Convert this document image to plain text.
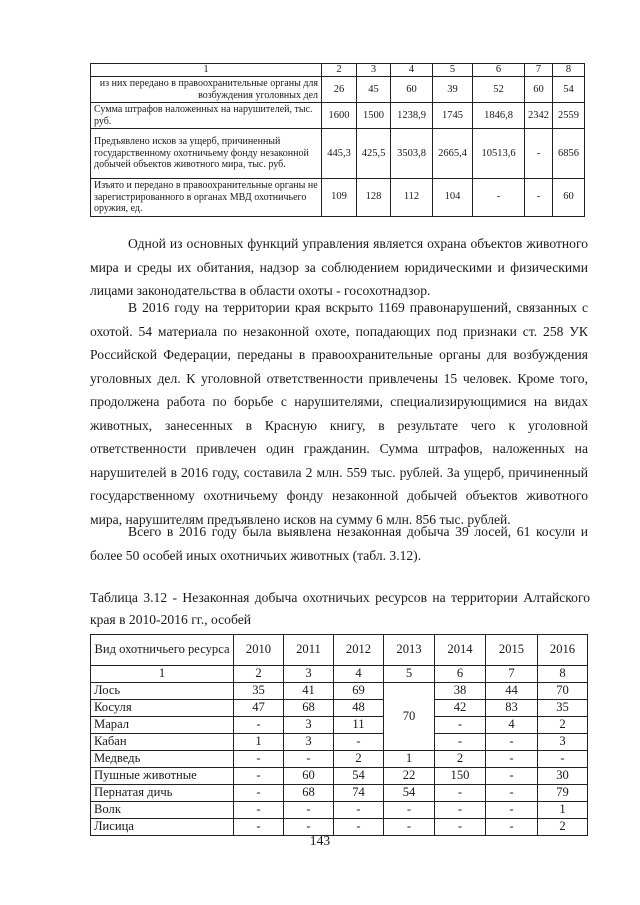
1	2	3	4	5	6	7	8
из них передано в правоохранительные органы для возбуждения уголовных дел	26	45	60	39	52	60	54
Сумма штрафов наложенных на нарушителей, тыс. руб.	1600	1500	1238,9	1745	1846,8	2342	2559
Предъявлено исков за ущерб, причиненный государственному охотничьему фонду незаконной добычей объектов животного мира, тыс. руб.	445,3	425,5	3503,8	2665,4	10513,6	-	6856
Изъято и передано в правоохранительные органы не зарегистрированного в органах МВД охотничьего оружия, ед.	109	128	112	104	-	-	60

Одной из основных функций управления является охрана объектов животного мира и среды их обитания, надзор за соблюдением юридическими и физическими лицами законодательства в области охоты - госохотнадзор.

В 2016 году на территории края вскрыто 1169 правонарушений, связанных с охотой. 54 материала по незаконной охоте, попадающих под признаки ст. 258 УК Российской Федерации, переданы в правоохранительные органы для возбуждения уголовных дел. К уголовной ответственности привлечены 15 человек. Кроме того, продолжена работа по борьбе с нарушителями, специализирующимися на видах животных, занесенных в Красную книгу, в результате чего к уголовной ответственности привлечен один гражданин. Сумма штрафов, наложенных на нарушителей в 2016 году, составила 2 млн. 559 тыс. рублей. За ущерб, причиненный государственному охотничьему фонду незаконной добычей объектов животного мира, нарушителям предъявлено исков на сумму 6 млн. 856 тыс. рублей.

Всего в 2016 году была выявлена незаконная добыча 39 лосей, 61 косули и более 50 особей иных охотничьих животных (табл. 3.12).

Таблица 3.12 - Незаконная добыча охотничьих ресурсов на территории Алтайского края в 2010-2016 гг., особей

Вид охотничьего ресурса	2010	2011	2012	2013	2014	2015	2016
1	2	3	4	5	6	7	8
Лось	35	41	69	70	38	44	70
Косуля	47	68	48		42	83	35
Марал	-	3	11		-	4	2
Кабан	1	3	-		-	-	3
Медведь	-	-	2	1	2	-	-
Пушные животные	-	60	54	22	150	-	30
Пернатая дичь	-	68	74	54	-	-	79
Волк	-	-	-	-	-	-	1
Лисица	-	-	-	-	-	-	2
143
